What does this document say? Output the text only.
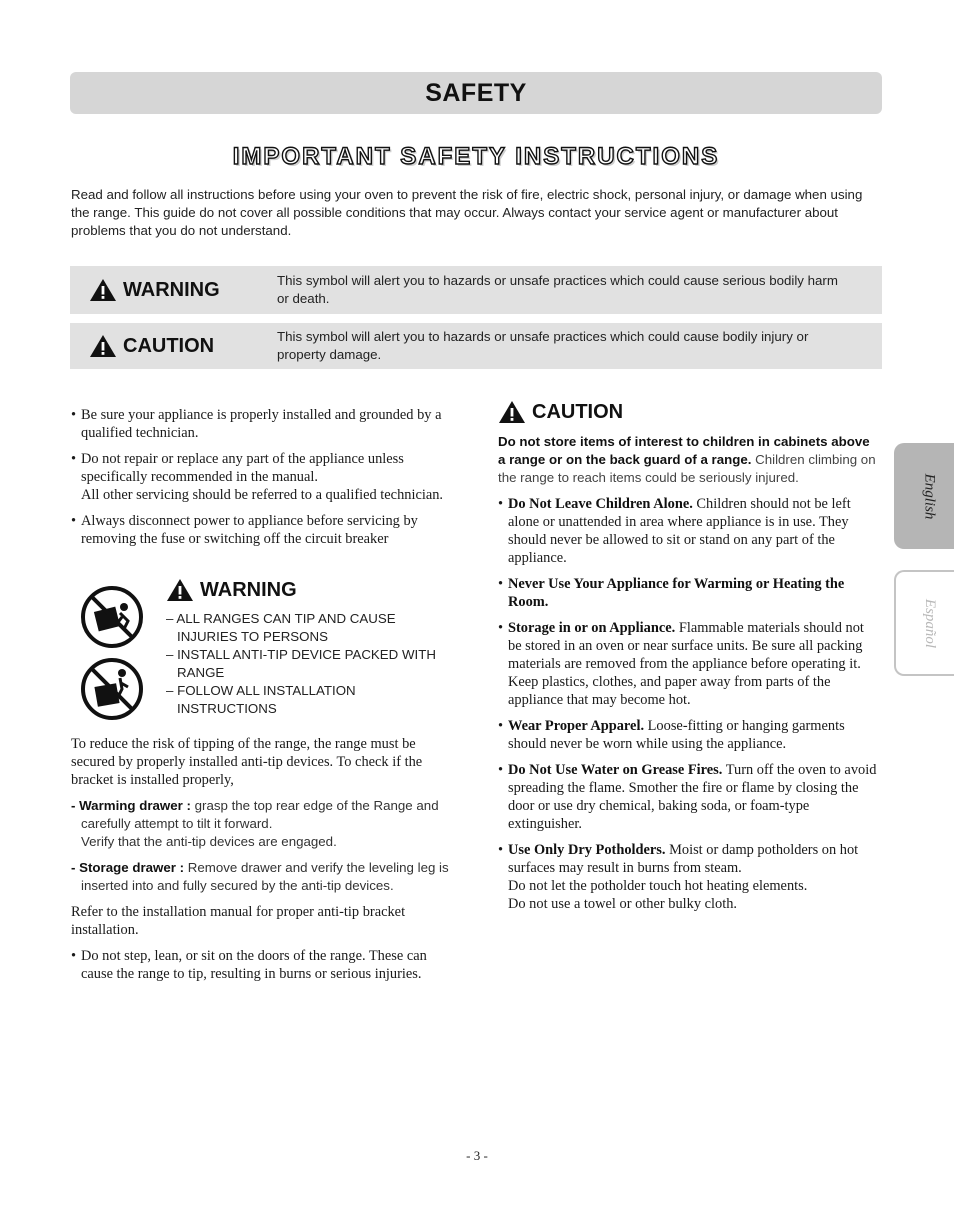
SAFETY
IMPORTANT SAFETY INSTRUCTIONS

Read and follow all instructions before using your oven to prevent the risk of fire, electric shock, personal injury, or damage when using the range. This guide do not cover all possible conditions that may occur. Always contact your service agent or manufacturer about problems that you do not understand.

WARNING	This symbol will alert you to hazards or unsafe practices which could cause serious bodily harm or death.
CAUTION	This symbol will alert you to hazards or unsafe practices which could cause bodily injury or property damage.

• Be sure your appliance is properly installed and grounded by a qualified technician.

• Do not repair or replace any part of the appliance unless specifically recommended in the manual.

All other servicing should be referred to a qualified technician.

• Always disconnect power to appliance before servicing by removing the fuse or switching off the circuit breaker

WARNING

– ALL RANGES CAN TIP AND CAUSE INJURIES TO PERSONS

– INSTALL ANTI-TIP DEVICE PACKED WITH RANGE

– FOLLOW ALL INSTALLATION INSTRUCTIONS

To reduce the risk of tipping of the range, the range must be secured by properly installed anti-tip devices. To check if the bracket is installed properly,

- Warming drawer : grasp the top rear edge of the Range and carefully attempt to tilt it forward.

Verify that the anti-tip devices are engaged.

- Storage drawer : Remove drawer and verify the leveling leg is inserted into and fully secured by the anti-tip devices.

Refer to the installation manual for proper anti-tip bracket installation.

• Do not step, lean, or sit on the doors of the range. These can cause the range to tip, resulting in burns or serious injuries.

CAUTION
Do not store items of interest to children in cabinets above a range or on the back guard of a range. Children climbing on the range to reach items could be seriously injured.
• Do Not Leave Children Alone. Children should not be left alone or unattended in area where appliance is in use. They should never be allowed to sit or stand on any part of the appliance.
• Never Use Your Appliance for Warming or Heating the Room.
• Storage in or on Appliance. Flammable materials should not be stored in an oven or near surface units. Be sure all packing materials are removed from the appliance before operating it. Keep plastics, clothes, and paper away from parts of the appliance that may become hot.
• Wear Proper Apparel. Loose-fitting or hanging garments should never be worn while using the appliance.
• Do Not Use Water on Grease Fires. Turn off the oven to avoid spreading the flame. Smother the fire or flame by closing the door or use dry chemical, baking soda, or foam-type extinguisher.
• Use Only Dry Potholders. Moist or damp potholders on hot surfaces may result in burns from steam.

Do not let the potholder touch hot heating elements.

Do not use a towel or other bulky cloth.

English
Español
- 3 -
